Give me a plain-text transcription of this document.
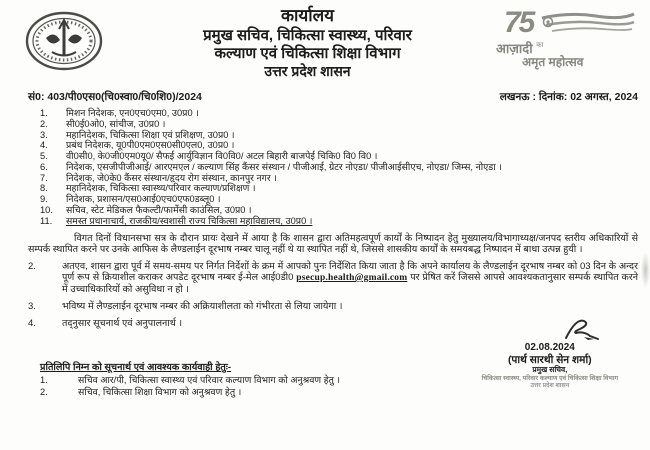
कार्यालय
प्रमुख सचिव, चिकित्सा स्वास्थ्य, परिवार
कल्याण एवं चिकित्सा शिक्षा विभाग
उत्तर प्रदेश शासन
75
आज़ादी $^{का}$
अमृत महोत्सव
सं0: 403/पी0एस0(चि0स्वा0/चि0शि0)/2024	लखनऊ : दिनांक: 02 अगस्त, 2024
1.	मिशन निदेशक, एन0एच0एम0, उ0प्र0 ।
2.	सी0ई0ओ0, सांचीज, उ0प्र0 ।
3.	महानिदेशक, चिकित्सा शिक्षा एवं प्रशिक्षण, उ0प्र0 ।
4.	प्रबंध निदेशक, यू0पी0एम0एस0सी0एल0, उ0प्र0 ।
5.	वी0सी0, के0जी0एम0यू0/ सैफई आर्युविज्ञान वि0वि0/ अटल बिहारी बाजपेई चिकि0 वि0 वि0 ।
6.	निदेशक, एसजीपीजीआई/ आरएमएल / कल्याण सिंह कैंसर संस्थान / पीजीआई, ग्रेटर नोएडा/ पीजीआईसीएच, नोएडा/ जिम्स, नोएडा ।
7.	निदेशक, जे0के0 कैंसर संस्थान/हृदय रोग संस्थान, कानपुर नगर ।
8.	महानिदेशक, चिकित्सा स्वास्थ्य/परिवार कल्याण/प्रशिक्षण ।
9.	निदेशक, प्रशासन/एस0आई0एच0एफ0डब्लू0 ।
10.	सचिव, स्टेट मेडिकल फैकल्टी/फार्मेसी काउंसिल, उ0प्र0 ।
11.	समस्त प्रधानाचार्य, राजकीय/स्वशासी राज्य चिकित्सा महाविद्यालय, उ0प्र0 ।
विगत दिनों विधानसभा सत्र के दौरान प्रायः देखने में आया है कि शासन द्वारा अतिमहत्वपूर्ण कार्यों के निष्पादन हेतु मुख्यालय/विभागाध्यक्ष/जनपद स्तरीय अधिकारियों से सम्पर्क स्थापित करने पर उनके आफिस के लैण्डलाईन दूरभाष नम्बर चालू नहीं थे या स्थापित नहीं थे, जिससे शासकीय कार्यों के समयबद्ध निष्पादन में बाधा उत्पन्न हुयी ।
2.	अतएव, शासन द्वारा पूर्व में समय-समय पर निर्गत निर्देशों के क्रम में आपको पुनः निर्देशित किया जाता है कि अपने कार्यालय के लैण्डलाईन दूरभाष नम्बर को 03 दिन के अन्दर पूर्ण रूप से क्रियाशील कराकर अपडेट दूरभाष नम्बर ई-मेल आई0डी0 psecup.health@gmail.com पर प्रेषित करें जिससे आपसे आवश्यकतानुसार सम्पर्क स्थापित करने में उच्चाधिकारियों को असुविधा न हो ।
3.	भविष्य में लैण्डलाईन दूरभाष नम्बर की अक्रियाशीलता को गंभीरता से लिया जायेगा ।
4.	तद्नुसार सूचनार्थ एवं अनुपालनार्थ ।
02.08.2024
(पार्थ सारथी सेन शर्मा)
प्रमुख सचिव,
चिकित्सा स्वास्थ्य, परिवार कल्याण एवं चिकित्सा शिक्षा विभाग
उत्तर प्रदेश शासन
प्रतिलिपि निम्न को सूचनार्थ एवं आवश्यक कार्यवाही हेतुः-
1.	सचिव आर/पी, चिकित्सा स्वास्थ्य एवं परिवार कल्याण विभाग को अनुश्रवण हेतु ।
2.	सचिव, चिकित्सा शिक्षा विभाग को अनुश्रवण हेतु ।
